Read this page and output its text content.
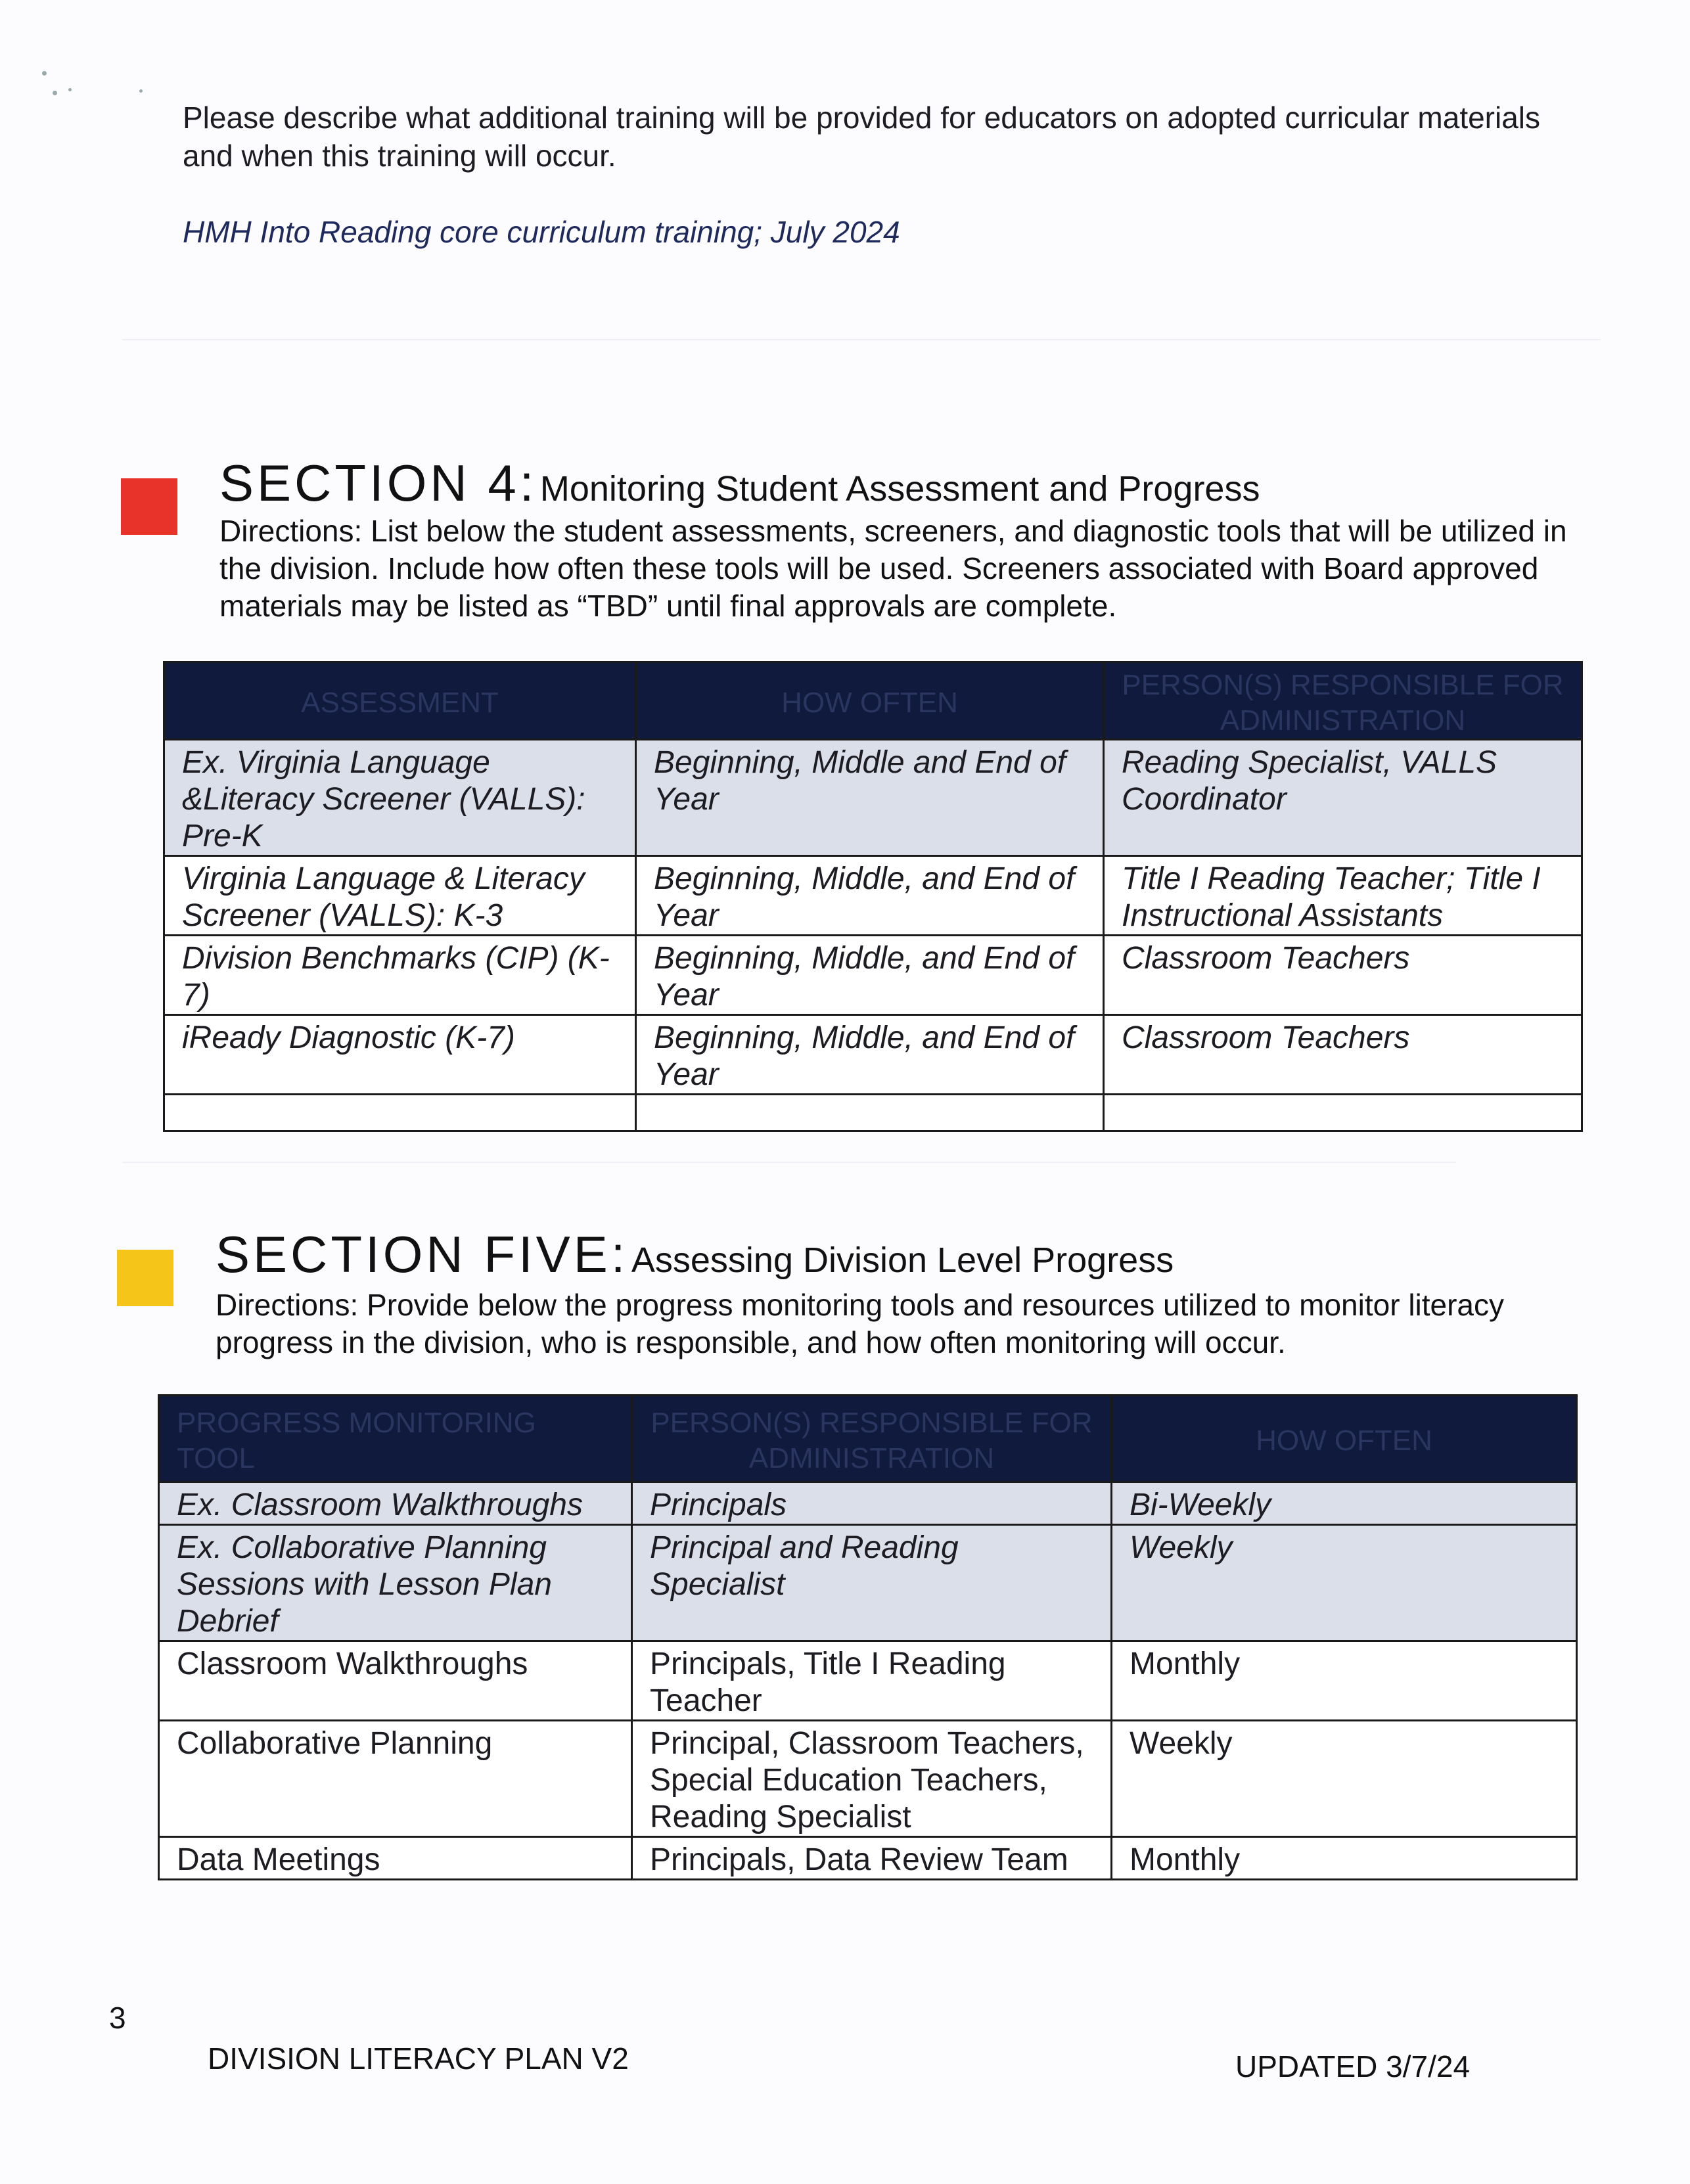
Please describe what additional training will be provided for educators on adopted curricular materials and when this training will occur.
HMH Into Reading core curriculum training; July 2024
SECTION 4: Monitoring Student Assessment and Progress
Directions: List below the student assessments, screeners, and diagnostic tools that will be utilized in the division. Include how often these tools will be used. Screeners associated with Board approved materials may be listed as “TBD” until final approvals are complete.
ASSESSMENT	HOW OFTEN	PERSON(S) RESPONSIBLE FOR ADMINISTRATION
Ex. Virginia Language &Literacy Screener (VALLS): Pre-K	Beginning, Middle and End of Year	Reading Specialist, VALLS Coordinator
Virginia Language & Literacy Screener (VALLS): K-3	Beginning, Middle, and End of Year	Title I Reading Teacher; Title I Instructional Assistants
Division Benchmarks (CIP) (K-7)	Beginning, Middle, and End of Year	Classroom Teachers
iReady Diagnostic (K-7)	Beginning, Middle, and End of Year	Classroom Teachers

SECTION FIVE: Assessing Division Level Progress
Directions: Provide below the progress monitoring tools and resources utilized to monitor literacy progress in the division, who is responsible, and how often monitoring will occur.
PROGRESS MONITORING TOOL	PERSON(S) RESPONSIBLE FOR ADMINISTRATION	HOW OFTEN
Ex. Classroom Walkthroughs	Principals	Bi-Weekly
Ex. Collaborative Planning Sessions with Lesson Plan Debrief	Principal and Reading Specialist	Weekly
Classroom Walkthroughs	Principals, Title I Reading Teacher	Monthly
Collaborative Planning	Principal, Classroom Teachers, Special Education Teachers, Reading Specialist	Weekly
Data Meetings	Principals, Data Review Team	Monthly
3
DIVISION LITERACY PLAN V2	UPDATED 3/7/24
